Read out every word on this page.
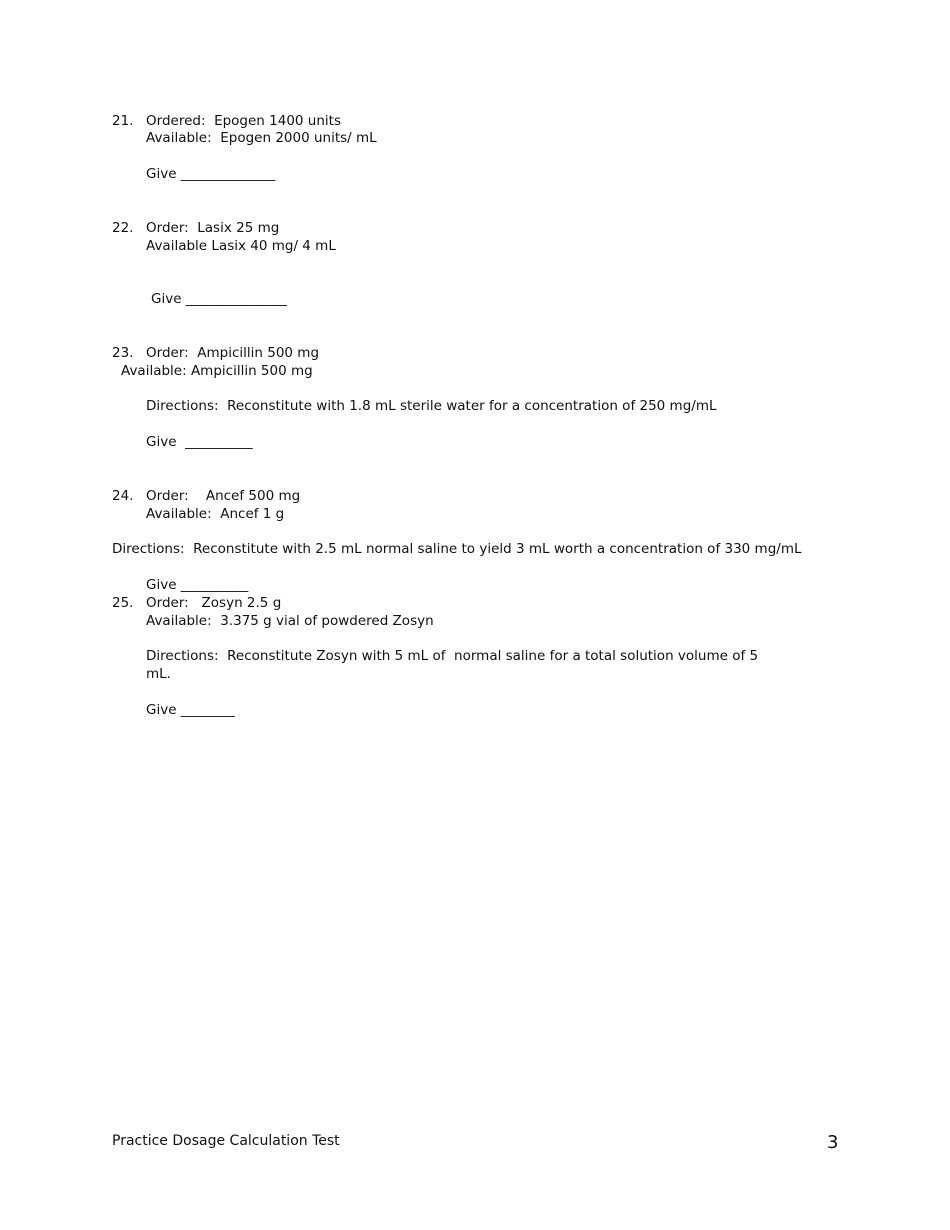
21. Ordered:  Epogen 1400 units
Available:  Epogen 2000 units/ mL
Give ______________
22. Order:  Lasix 25 mg
Available Lasix 40 mg/ 4 mL
Give _______________
23. Order:  Ampicillin 500 mg
Available: Ampicillin 500 mg
Directions:  Reconstitute with 1.8 mL sterile water for a concentration of 250 mg/mL
Give  __________
24. Order:    Ancef 500 mg
Available:  Ancef 1 g
Directions:  Reconstitute with 2.5 mL normal saline to yield 3 mL worth a concentration of 330 mg/mL
Give __________
25. Order:   Zosyn 2.5 g
Available:  3.375 g vial of powdered Zosyn
Directions:  Reconstitute Zosyn with 5 mL of  normal saline for a total solution volume of 5
mL.
Give ________
Practice Dosage Calculation Test	3
